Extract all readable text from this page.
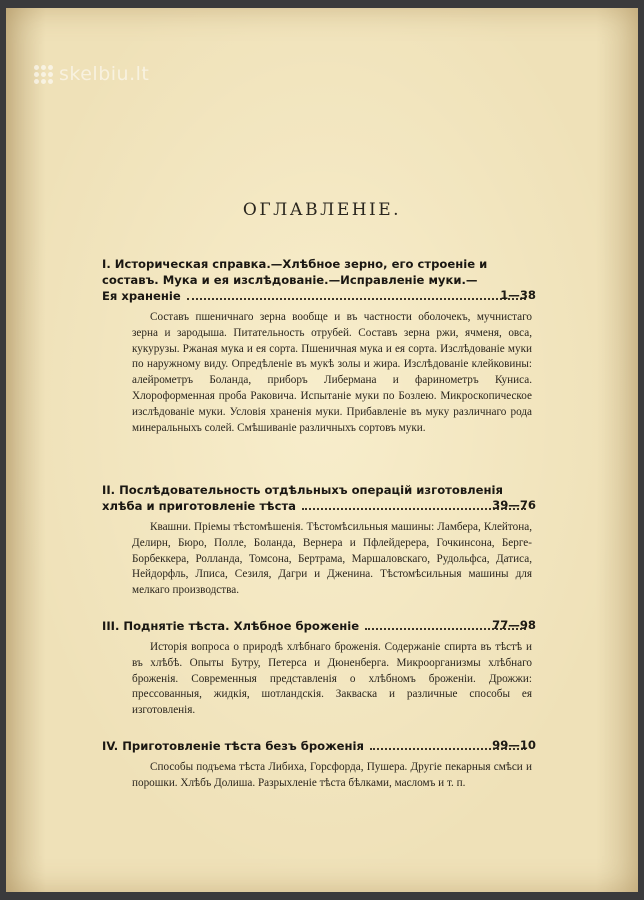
skelbiu.lt
ОГЛАВЛЕНІЕ.
I. Историческая справка.—Хлѣбное зерно, его строеніе и
составъ. Мука и ея изслѣдованіе.—Исправленіе муки.—
Ея храненіе	1—38
Составъ пшеничнаго зерна вообще и въ частности оболочекъ, мучнистаго зерна и зародыша. Питательность отрубей. Составъ зерна ржи, ячменя, овса, кукурузы. Ржаная мука и ея сорта. Пшеничная мука и ея сорта. Изслѣдованіе муки по наружному виду. Опредѣленіе въ мукѣ золы и жира. Изслѣдованіе клейковины: алейрометръ Боланда, приборъ Либермана и фаринометръ Куниса. Хлороформенная проба Раковича. Испытаніе муки по Бозлею. Микроскопическое изслѣдованіе муки. Условія храненія муки. Прибавленіе въ муку различнаго рода минеральныхъ солей. Смѣшиваніе различныхъ сортовъ муки.
II. Послѣдовательность отдѣльныхъ операцій изготовленія
хлѣба и приготовленіе тѣста	39—76
Квашни. Пріемы тѣстомѣшенія. Тѣстомѣсильныя машины: Ламбера, Клейтона, Делирн, Бюро, Полле, Боланда, Вернера и Пфлейдерера, Гочкинсона, Берге-Борбеккера, Ролланда, Томсона, Бертрама, Маршаловскаго, Рудольфса, Датиса, Нейдорфль, Лписа, Сезиля, Дагри и Дженина. Тѣстомѣсильныя машины для мелкаго производства.
III. Поднятіе тѣста. Хлѣбное броженіе	77—98
Исторія вопроса о природѣ хлѣбнаго броженія. Содержаніе спирта въ тѣстѣ и въ хлѣбѣ. Опыты Бутру, Петерса и Дюненберга. Микроорганизмы хлѣбнаго броженія. Современныя представленія о хлѣбномъ броженіи. Дрожжи: прессованныя, жидкія, шотландскія. Закваска и различные способы ея изготовленія.
IV. Приготовленіе тѣста безъ броженія	99—10
Способы подъема тѣста Либиха, Горсфорда, Пушера. Другіе пекарныя смѣси и порошки. Хлѣбъ Долиша. Разрыхленіе тѣста бѣлками, масломъ и т. п.
